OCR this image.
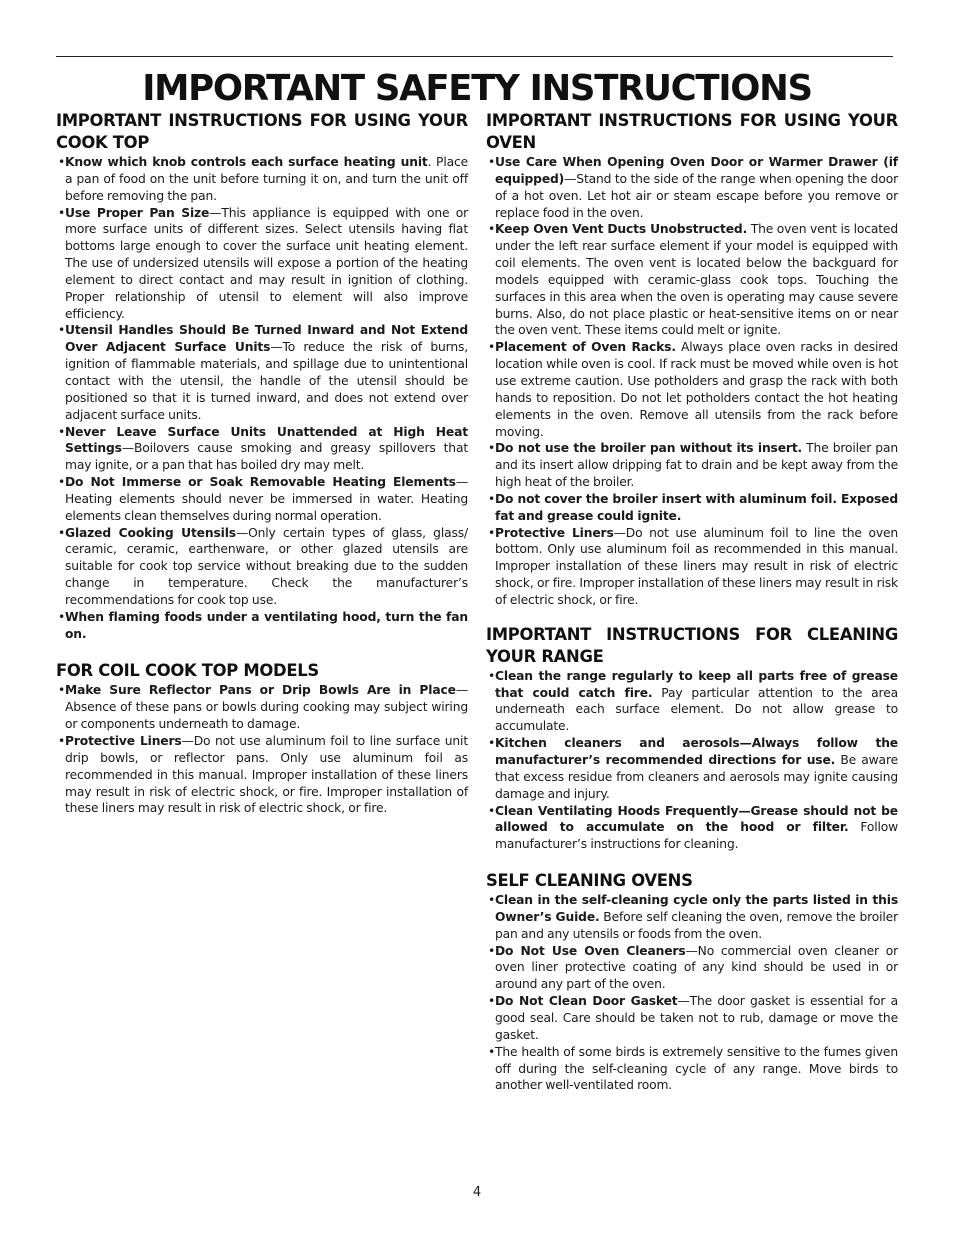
IMPORTANT SAFETY INSTRUCTIONS
IMPORTANT INSTRUCTIONS FOR USING YOUR COOK TOP
• Know which knob controls each surface heating unit. Place a pan of food on the unit before turning it on, and turn the unit off before removing the pan.
• Use Proper Pan Size—This appliance is equipped with one or more surface units of different sizes. Select utensils having flat bottoms large enough to cover the surface unit heating element. The use of undersized utensils will expose a portion of the heating element to direct contact and may result in ignition of clothing. Proper relationship of utensil to element will also improve efficiency.
• Utensil Handles Should Be Turned Inward and Not Extend Over Adjacent Surface Units—To reduce the risk of burns, ignition of flammable materials, and spillage due to unintentional contact with the utensil, the handle of the utensil should be positioned so that it is turned inward, and does not extend over adjacent surface units.
• Never Leave Surface Units Unattended at High Heat Settings—Boilovers cause smoking and greasy spillovers that may ignite, or a pan that has boiled dry may melt.
• Do Not Immerse or Soak Removable Heating Elements—Heating elements should never be immersed in water. Heating elements clean themselves during normal operation.
• Glazed Cooking Utensils—Only certain types of glass, glass/ ceramic, ceramic, earthenware, or other glazed utensils are suitable for cook top service without breaking due to the sudden change in temperature. Check the manufacturer’s recommendations for cook top use.
• When flaming foods under a ventilating hood, turn the fan on.
FOR COIL COOK TOP MODELS
• Make Sure Reflector Pans or Drip Bowls Are in Place—Absence of these pans or bowls during cooking may subject wiring or components underneath to damage.
• Protective Liners—Do not use aluminum foil to line surface unit drip bowls, or reflector pans. Only use aluminum foil as recommended in this manual. Improper installation of these liners may result in risk of electric shock, or fire. Improper installation of these liners may result in risk of electric shock, or fire.
IMPORTANT INSTRUCTIONS FOR USING YOUR OVEN
• Use Care When Opening Oven Door or Warmer Drawer (if equipped)—Stand to the side of the range when opening the door of a hot oven. Let hot air or steam escape before you remove or replace food in the oven.
• Keep Oven Vent Ducts Unobstructed. The oven vent is located under the left rear surface element if your model is equipped with coil elements. The oven vent is located below the backguard for models equipped with ceramic-glass cook tops. Touching the surfaces in this area when the oven is operating may cause severe burns. Also, do not place plastic or heat-sensitive items on or near the oven vent. These items could melt or ignite.
• Placement of Oven Racks. Always place oven racks in desired location while oven is cool. If rack must be moved while oven is hot use extreme caution. Use potholders and grasp the rack with both hands to reposition. Do not let potholders contact the hot heating elements in the oven. Remove all utensils from the rack before moving.
• Do not use the broiler pan without its insert. The broiler pan and its insert allow dripping fat to drain and be kept away from the high heat of the broiler.
• Do not cover the broiler insert with aluminum foil. Exposed fat and grease could ignite.
• Protective Liners—Do not use aluminum foil to line the oven bottom. Only use aluminum foil as recommended in this manual. Improper installation of these liners may result in risk of electric shock, or fire. Improper installation of these liners may result in risk of electric shock, or fire.
IMPORTANT INSTRUCTIONS FOR CLEANING YOUR RANGE
• Clean the range regularly to keep all parts free of grease that could catch fire. Pay particular attention to the area underneath each surface element. Do not allow grease to accumulate.
• Kitchen cleaners and aerosols—Always follow the manufacturer’s recommended directions for use. Be aware that excess residue from cleaners and aerosols may ignite causing damage and injury.
• Clean Ventilating Hoods Frequently—Grease should not be allowed to accumulate on the hood or filter. Follow manufacturer’s instructions for cleaning.
SELF CLEANING OVENS
• Clean in the self-cleaning cycle only the parts listed in this Owner’s Guide. Before self cleaning the oven, remove the broiler pan and any utensils or foods from the oven.
• Do Not Use Oven Cleaners—No commercial oven cleaner or oven liner protective coating of any kind should be used in or around any part of the oven.
• Do Not Clean Door Gasket—The door gasket is essential for a good seal. Care should be taken not to rub, damage or move the gasket.
• The health of some birds is extremely sensitive to the fumes given off during the self-cleaning cycle of any range. Move birds to another well-ventilated room.
4
